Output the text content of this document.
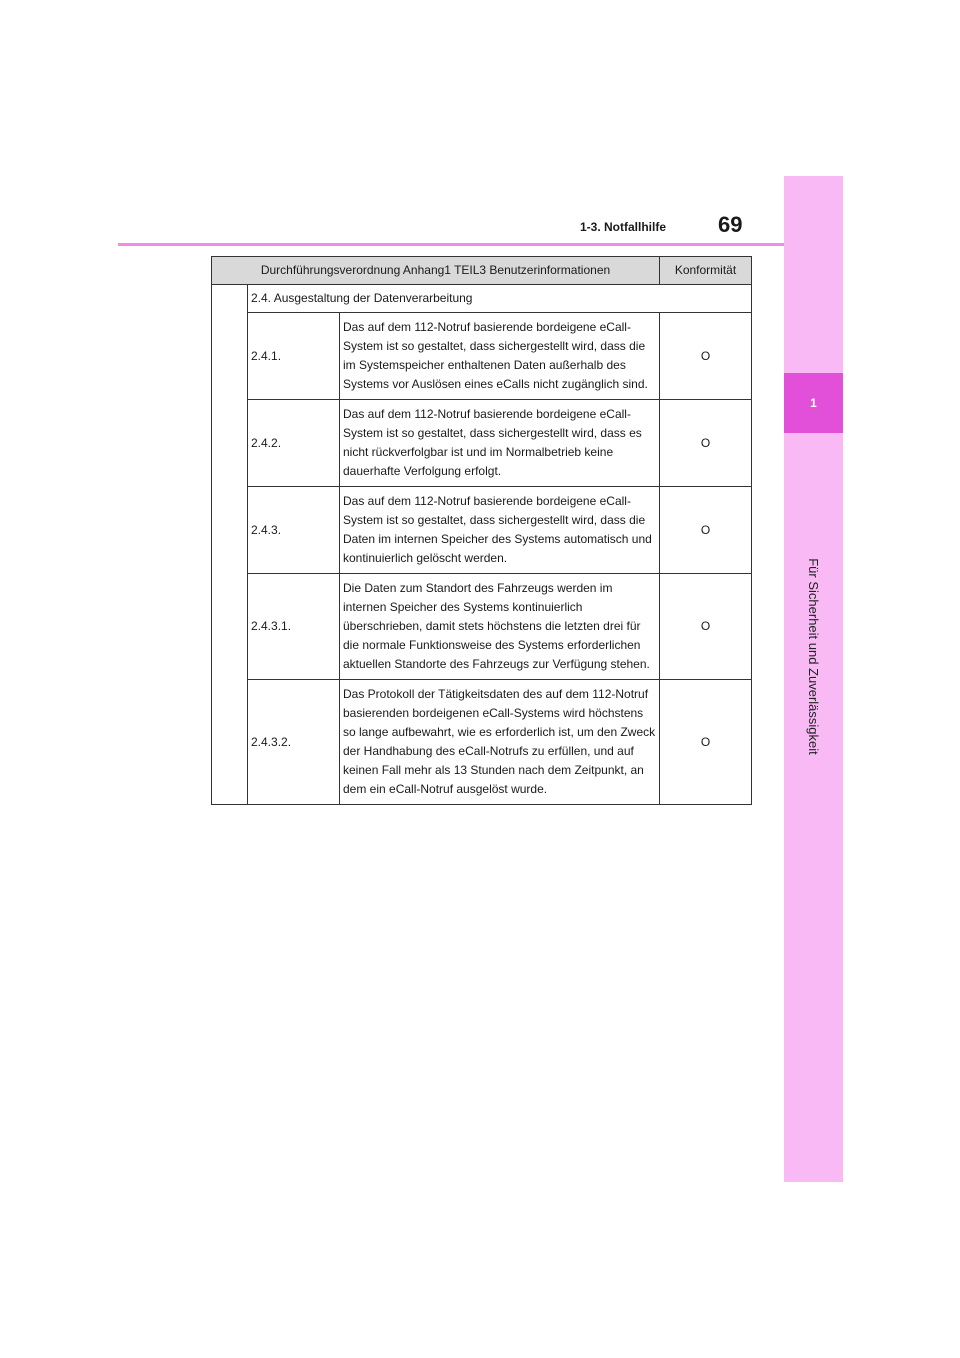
1
Für Sicherheit und Zuverlässigkeit
1-3. Notfallhilfe 69
Durchführungsverordnung Anhang1 TEIL3 Benutzerinformationen			Konformität
	2.4. Ausgestaltung der Datenverarbeitung		
	2.4.1.	Das auf dem 112-Notruf basierende bordeigene eCall-System ist so gestaltet, dass sichergestellt wird, dass die im Systemspeicher enthaltenen Daten außerhalb des Systems vor Auslösen eines eCalls nicht zugänglich sind.	O
	2.4.2.	Das auf dem 112-Notruf basierende bordeigene eCall-System ist so gestaltet, dass sichergestellt wird, dass es nicht rückverfolgbar ist und im Normalbetrieb keine dauerhafte Verfolgung erfolgt.	O
	2.4.3.	Das auf dem 112-Notruf basierende bordeigene eCall-System ist so gestaltet, dass sichergestellt wird, dass die Daten im internen Speicher des Systems automatisch und kontinuierlich gelöscht werden.	O
	2.4.3.1.	Die Daten zum Standort des Fahrzeugs werden im internen Speicher des Systems kontinuierlich überschrieben, damit stets höchstens die letzten drei für die normale Funktionsweise des Systems erforderlichen aktuellen Standorte des Fahrzeugs zur Verfügung stehen.	O
	2.4.3.2.	Das Protokoll der Tätigkeitsdaten des auf dem 112-Notruf basierenden bordeigenen eCall-Systems wird höchstens so lange aufbewahrt, wie es erforderlich ist, um den Zweck der Handhabung des eCall-Notrufs zu erfüllen, und auf keinen Fall mehr als 13 Stunden nach dem Zeitpunkt, an dem ein eCall-Notruf ausgelöst wurde.	O
